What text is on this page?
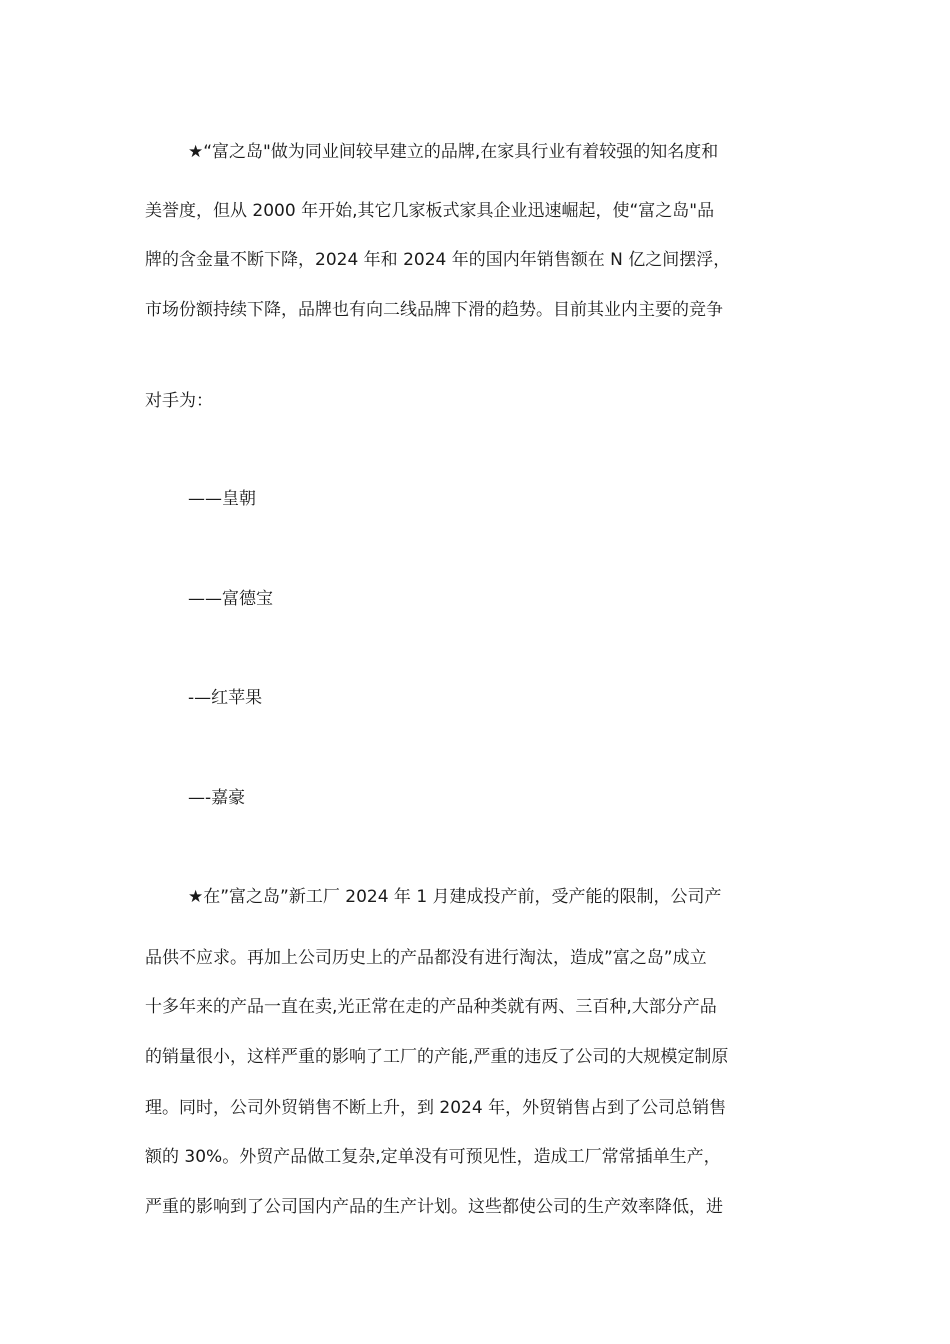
★“富之岛"做为同业间较早建立的品牌,在家具行业有着较强的知名度和
美誉度，但从 2000 年开始,其它几家板式家具企业迅速崛起，使“富之岛"品
牌的含金量不断下降，2024 年和 2024 年的国内年销售额在 N 亿之间摆浮，
市场份额持续下降，品牌也有向二线品牌下滑的趋势。目前其业内主要的竞争
对手为：
——皇朝
——富德宝
-—红苹果
—-嘉豪
★在”富之岛”新工厂 2024 年 1 月建成投产前，受产能的限制，公司产
品供不应求。再加上公司历史上的产品都没有进行淘汰，造成”富之岛”成立
十多年来的产品一直在卖,光正常在走的产品种类就有两、三百种,大部分产品
的销量很小，这样严重的影响了工厂的产能,严重的违反了公司的大规模定制原
理。同时，公司外贸销售不断上升，到 2024 年，外贸销售占到了公司总销售
额的 30%。外贸产品做工复杂,定单没有可预见性，造成工厂常常插单生产，
严重的影响到了公司国内产品的生产计划。这些都使公司的生产效率降低，进
